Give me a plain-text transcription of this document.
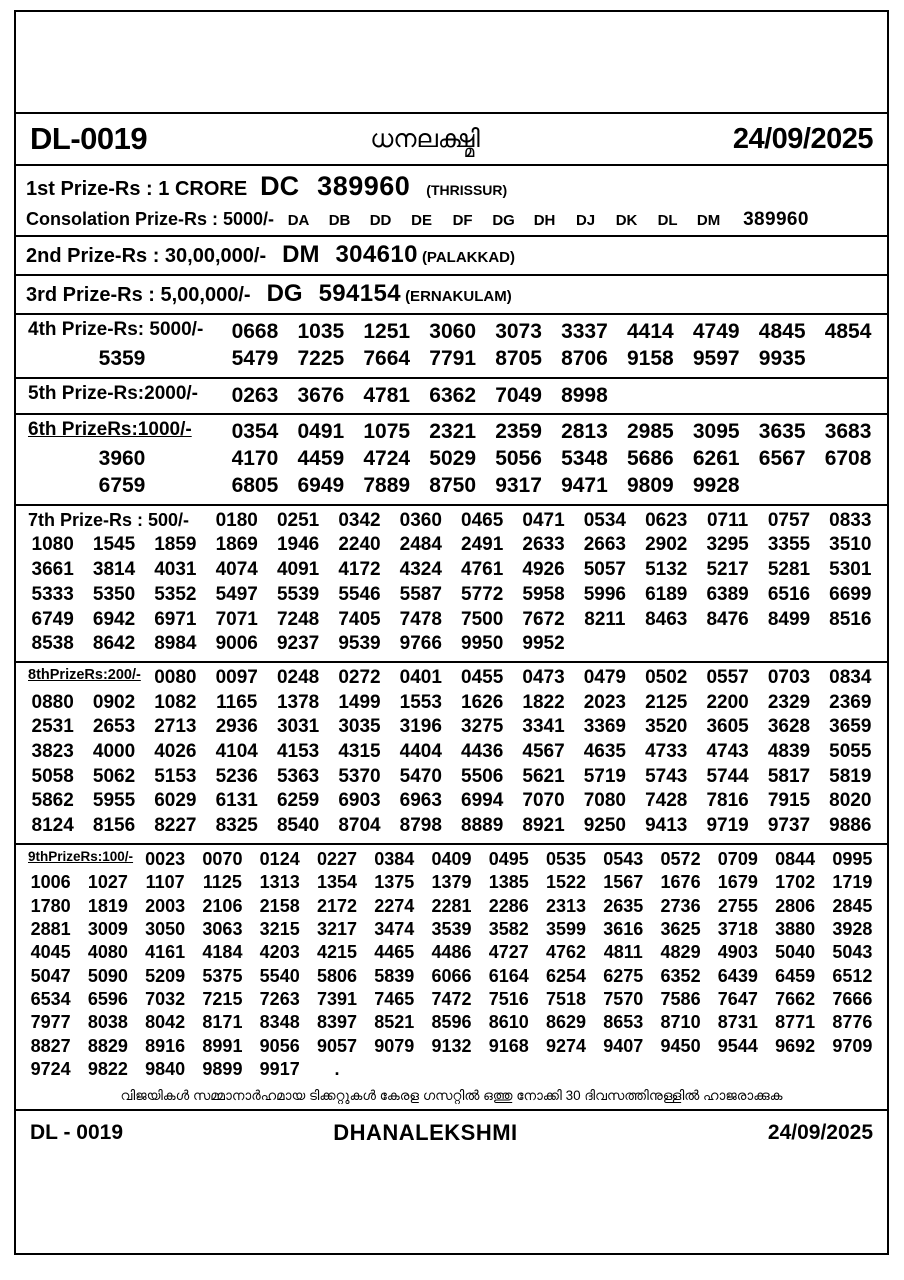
DL-0019	ധനലക്ഷ്മി	24/09/2025
1st Prize-Rs : 1 CRORE DC 389960 (THRISSUR)
Consolation Prize-Rs : 5000/- DA	DB	DD	DE	DF	DG	DH	DJ	DK	DL	DM	389960
2nd Prize-Rs : 30,00,000/- DM 304610 (PALAKKAD)
3rd Prize-Rs : 5,00,000/- DG 594154 (ERNAKULAM)
4th Prize-Rs: 5000/-	0668 1035 1251 3060 3073 3337 4414 4749 4845 4854
5359	5479 7225 7664 7791 8705 8706 9158 9597 9935
5th Prize-Rs:2000/-	0263 3676 4781 6362 7049 8998
6th PrizeRs:1000/-	0354 0491 1075 2321 2359 2813 2985 3095 3635 3683
3960	4170 4459 4724 5029 5056 5348 5686 6261 6567 6708
6759	6805 6949 7889 8750 9317 9471 9809 9928
7th Prize-Rs : 500/-	0180	0251	0342	0360	0465	0471	0534	0623	0711	0757	0833
1080	1545	1859	1869	1946	2240	2484	2491	2633	2663	2902	3295	3355	3510
3661	3814	4031	4074	4091	4172	4324	4761	4926	5057	5132	5217	5281	5301
5333	5350	5352	5497	5539	5546	5587	5772	5958	5996	6189	6389	6516	6699
6749	6942	6971	7071	7248	7405	7478	7500	7672	8211	8463	8476	8499	8516
8538	8642	8984	9006	9237	9539	9766	9950	9952
8thPrizeRs:200/- 0080	0097	0248	0272	0401	0455	0473	0479	0502	0557	0703	0834
0880	0902	1082	1165	1378	1499	1553	1626	1822	2023	2125	2200	2329	2369
2531	2653	2713	2936	3031	3035	3196	3275	3341	3369	3520	3605	3628	3659
3823	4000	4026	4104	4153	4315	4404	4436	4567	4635	4733	4743	4839	5055
5058	5062	5153	5236	5363	5370	5470	5506	5621	5719	5743	5744	5817	5819
5862	5955	6029	6131	6259	6903	6963	6994	7070	7080	7428	7816	7915	8020
8124	8156	8227	8325	8540	8704	8798	8889	8921	9250	9413	9719	9737	9886
9thPrizeRs:100/- 0023 0070 0124 0227 0384 0409 0495 0535 0543 0572 0709 0844 0995
1006 1027 1107	1125 1313 1354 1375 1379 1385 1522 1567 1676 1679 1702 1719
1780 1819 2003 2106 2158 2172 2274 2281 2286 2313 2635 2736 2755 2806 2845
2881 3009 3050 3063 3215 3217 3474 3539 3582 3599 3616 3625 3718 3880 3928
4045 4080 4161 4184 4203 4215 4465 4486 4727 4762 4811 4829 4903 5040 5043
5047 5090 5209 5375 5540 5806 5839 6066 6164 6254 6275 6352 6439 6459 6512
6534 6596 7032 7215 7263 7391 7465 7472 7516 7518 7570 7586 7647 7662 7666
7977 8038 8042 8171 8348 8397 8521 8596 8610 8629 8653 8710 8731 8771 8776
8827 8829 8916 8991 9056 9057 9079 9132 9168 9274 9407 9450 9544 9692 9709
9724 9822 9840 9899 9917	.
വിജയികൾ സമ്മാനാർഹമായ ടിക്കറ്റുകൾ കേരള ഗസറ്റിൽ ഒത്തു നോക്കി 30 ദിവസത്തിനുള്ളിൽ ഹാജരാക്കുക
DL - 0019	DHANALEKSHMI	24/09/2025
